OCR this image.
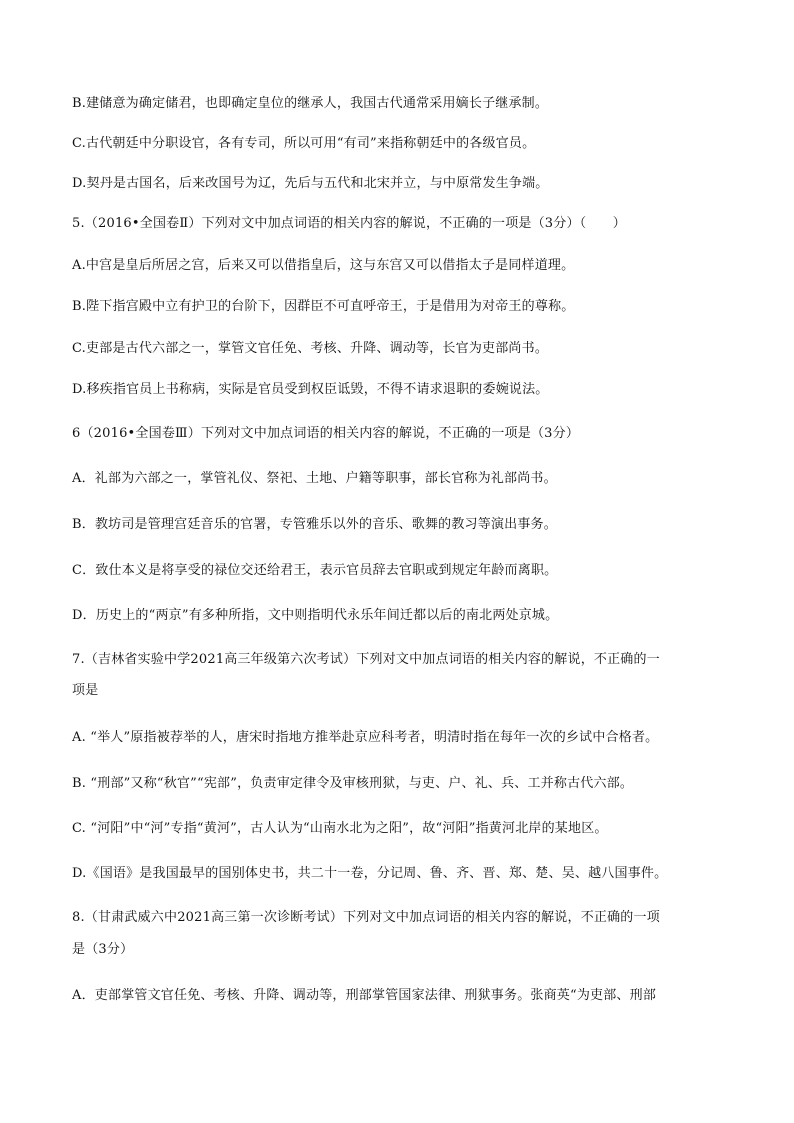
B.建储意为确定储君，也即确定皇位的继承人，我国古代通常采用嫡长子继承制。
C.古代朝廷中分职设官，各有专司，所以可用“有司”来指称朝廷中的各级官员。
D.契丹是古国名，后来改国号为辽，先后与五代和北宋并立，与中原常发生争端。
5.（2016•全国卷Ⅱ）下列对文中加点词语的相关内容的解说，不正确的一项是（3分）（　　）
A.中宫是皇后所居之宫，后来又可以借指皇后，这与东宫又可以借指太子是同样道理。
B.陛下指宫殿中立有护卫的台阶下，因群臣不可直呼帝王，于是借用为对帝王的尊称。
C.吏部是古代六部之一，掌管文官任免、考核、升降、调动等，长官为吏部尚书。
D.移疾指官员上书称病，实际是官员受到权臣诋毁，不得不请求退职的委婉说法。
6（2016•全国卷Ⅲ）下列对文中加点词语的相关内容的解说，不正确的一项是（3分）
A．礼部为六部之一，掌管礼仪、祭祀、土地、户籍等职事，部长官称为礼部尚书。
B．教坊司是管理宫廷音乐的官署，专管雅乐以外的音乐、歌舞的教习等演出事务。
C．致仕本义是将享受的禄位交还给君王，表示官员辞去官职或到规定年龄而离职。
D．历史上的“两京”有多种所指，文中则指明代永乐年间迁都以后的南北两处京城。
7.（吉林省实验中学2021高三年级第六次考试）下列对文中加点词语的相关内容的解说，不正确的一
项是
A. “举人”原指被荐举的人，唐宋时指地方推举赴京应科考者，明清时指在每年一次的乡试中合格者。
B. “刑部”又称“秋官”“宪部”，负责审定律令及审核刑狱，与吏、户、礼、兵、工并称古代六部。
C. “河阳”中“河”专指“黄河”，古人认为“山南水北为之阳”，故“河阳”指黄河北岸的某地区。
D.《国语》是我国最早的国别体史书，共二十一卷，分记周、鲁、齐、晋、郑、楚、吴、越八国事件。
8.（甘肃武威六中2021高三第一次诊断考试）下列对文中加点词语的相关内容的解说，不正确的一项
是（3分）
A．吏部掌管文官任免、考核、升降、调动等，刑部掌管国家法律、刑狱事务。张商英“为吏部、刑部
